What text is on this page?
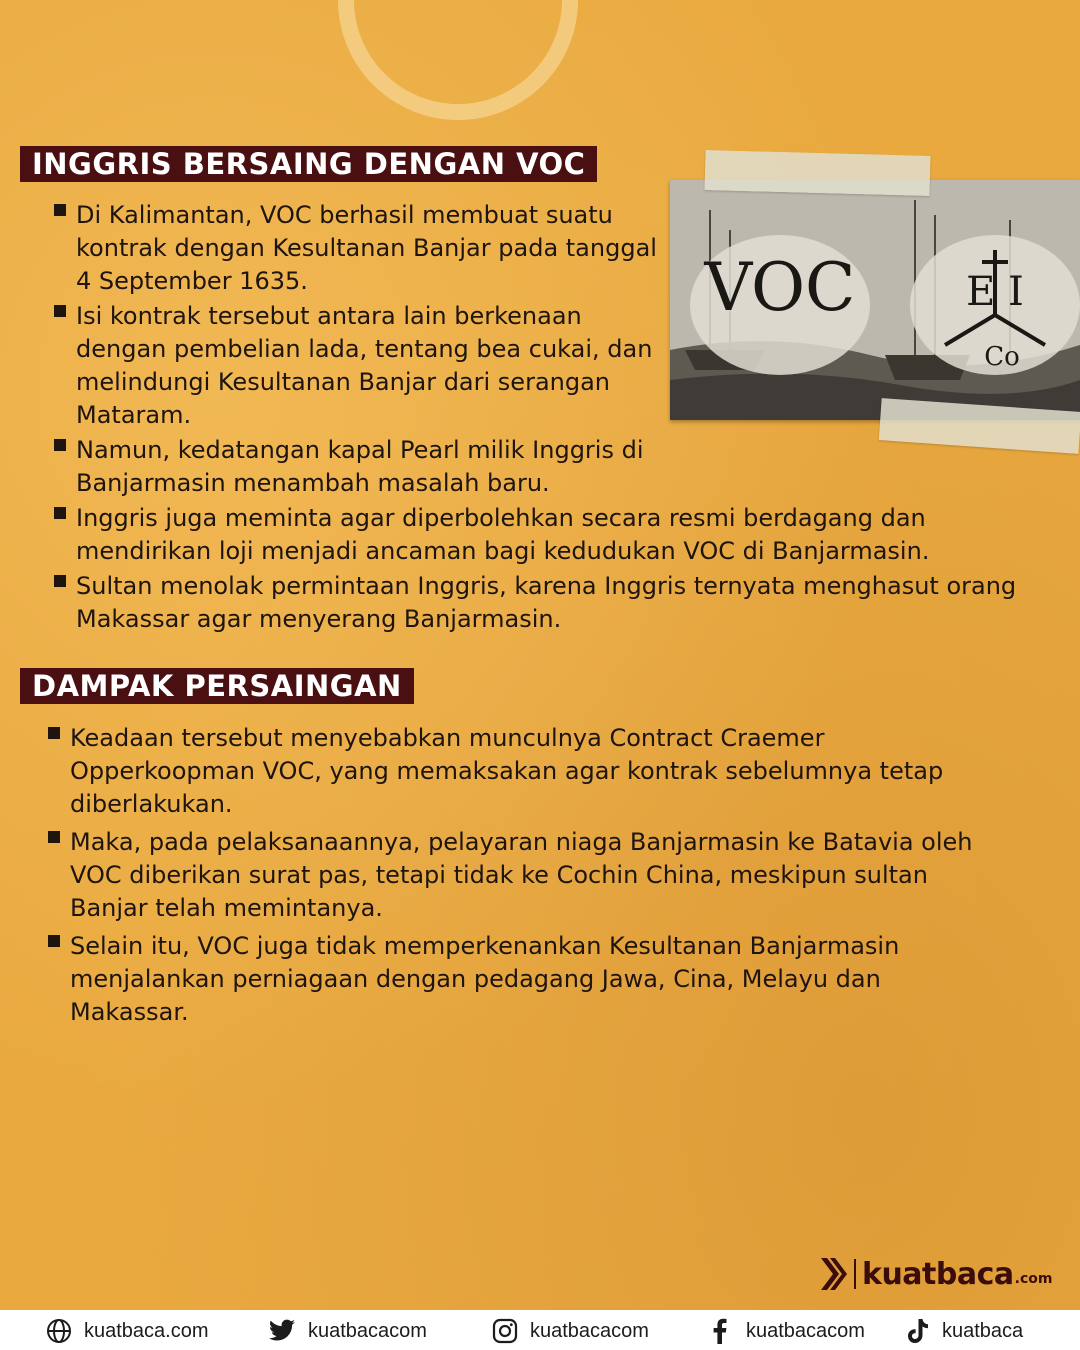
INGGRIS BERSAING DENGAN VOC
Di Kalimantan, VOC berhasil membuat suatu kontrak dengan Kesultanan Banjar pada tanggal 4 September 1635.
Isi kontrak tersebut antara lain berkenaan dengan pembelian lada, tentang bea cukai, dan melindungi Kesultanan Banjar dari serangan Mataram.
Namun, kedatangan kapal Pearl milik Inggris di Banjarmasin menambah masalah baru.
Inggris juga meminta agar diperbolehkan secara resmi berdagang dan mendirikan loji menjadi ancaman bagi kedudukan VOC di Banjarmasin.
Sultan menolak permintaan Inggris, karena Inggris ternyata menghasut orang Makassar agar menyerang Banjarmasin.
VOC	E I
Co
DAMPAK PERSAINGAN
Keadaan tersebut menyebabkan munculnya Contract Craemer Opperkoopman VOC, yang memaksakan agar kontrak sebelumnya tetap diberlakukan.
Maka, pada pelaksanaannya, pelayaran niaga Banjarmasin ke Batavia oleh VOC diberikan surat pas, tetapi tidak ke Cochin China, meskipun sultan Banjar telah memintanya.
Selain itu, VOC juga tidak memperkenankan Kesultanan Banjarmasin menjalankan perniagaan dengan pedagang Jawa, Cina, Melayu dan Makassar.
kuatbaca .com
kuatbaca.com	kuatbacacom	kuatbacacom	kuatbacacom	kuatbaca
